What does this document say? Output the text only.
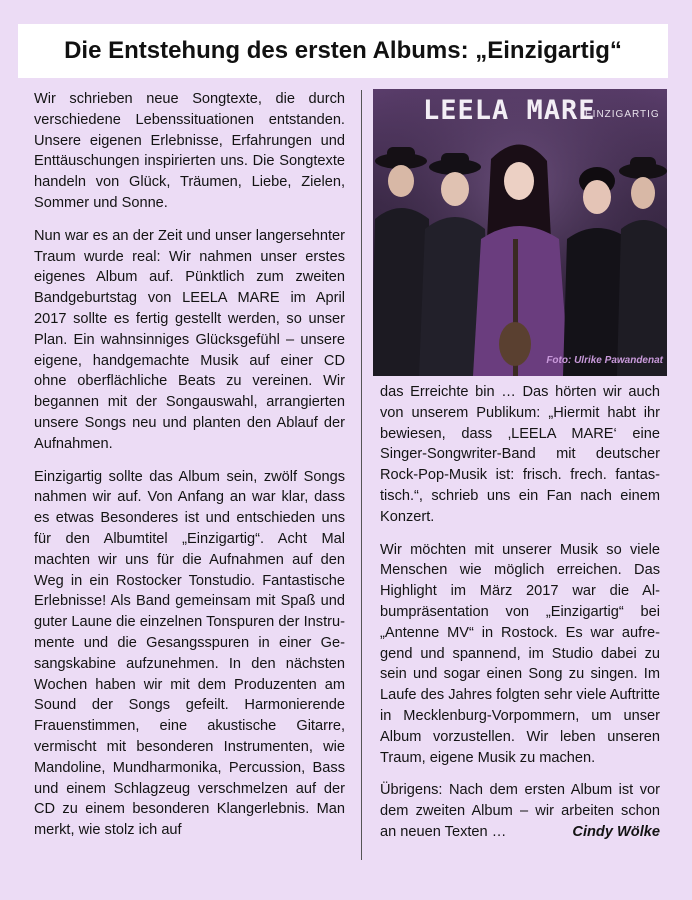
Die Entstehung des ersten Albums: „Einzigartig“

Wir schrieben neue Songtexte, die durch verschiedene Lebenssituationen entstanden. Unsere eigenen Erlebnisse, Erfahrungen und Enttäuschungen inspirierten uns. Die Songtexte handeln von Glück, Träumen, Liebe, Zielen, Sommer und Sonne.

Nun war es an der Zeit und unser langersehnter Traum wurde real: Wir nahmen unser erstes eigenes Album auf. Pünktlich zum zweiten Bandgeburtstag von LEELA MARE im April 2017 sollte es fertig gestellt werden, so unser Plan. Ein wahnsinniges Glücksgefühl – unsere eigene, handgemachte Musik auf einer CD ohne oberflächliche Beats zu vereinen. Wir begannen mit der Songauswahl, arrangierten unsere Songs neu und planten den Ablauf der Aufnahmen.

Einzigartig sollte das Album sein, zwölf Songs nahmen wir auf. Von Anfang an war klar, dass es etwas Besonderes ist und entschieden uns für den Albumtitel „Einzigartig“. Acht Mal machten wir uns für die Aufnahmen auf den Weg in ein Rostocker Tonstudio. Fantastische Erlebnisse! Als Band gemeinsam mit Spaß und guter Laune die einzelnen Tonspuren der Instrumente und die Gesangsspuren in einer Gesangskabine aufzunehmen. In den nächsten Wochen haben wir mit dem Produzenten am Sound der Songs gefeilt. Harmonierende Frauenstimmen, eine akustische Gitarre, vermischt mit besonderen Instrumenten, wie Mandoline, Mundharmonika, Percussion, Bass und einem Schlagzeug verschmelzen auf der CD zu einem besonderen Klangerlebnis. Man merkt, wie stolz ich auf

LEELA MARE
EINZIGARTIG
Foto: Ulrike Pawandenat

das Erreichte bin … Das hörten wir auch von unserem Publikum: „Hiermit habt ihr bewiesen, dass ‚LEELA MARE‘ eine Singer-Songwriter-Band mit deutscher Rock-Pop-Musik ist: frisch. frech. fantastisch.“, schrieb uns ein Fan nach einem Konzert.

Wir möchten mit unserer Musik so viele Menschen wie möglich erreichen. Das Highlight im März 2017 war die Albumpräsentation von „Einzigartig“ bei „Antenne MV“ in Rostock. Es war aufregend und spannend, im Studio dabei zu sein und sogar einen Song zu singen. Im Laufe des Jahres folgten sehr viele Auftritte in Mecklenburg-Vorpommern, um unser Album vorzustellen. Wir leben unseren Traum, eigene Musik zu machen.

Übrigens: Nach dem ersten Album ist vor dem zweiten Album – wir arbeiten schon an neuen Texten …	Cindy Wölke
